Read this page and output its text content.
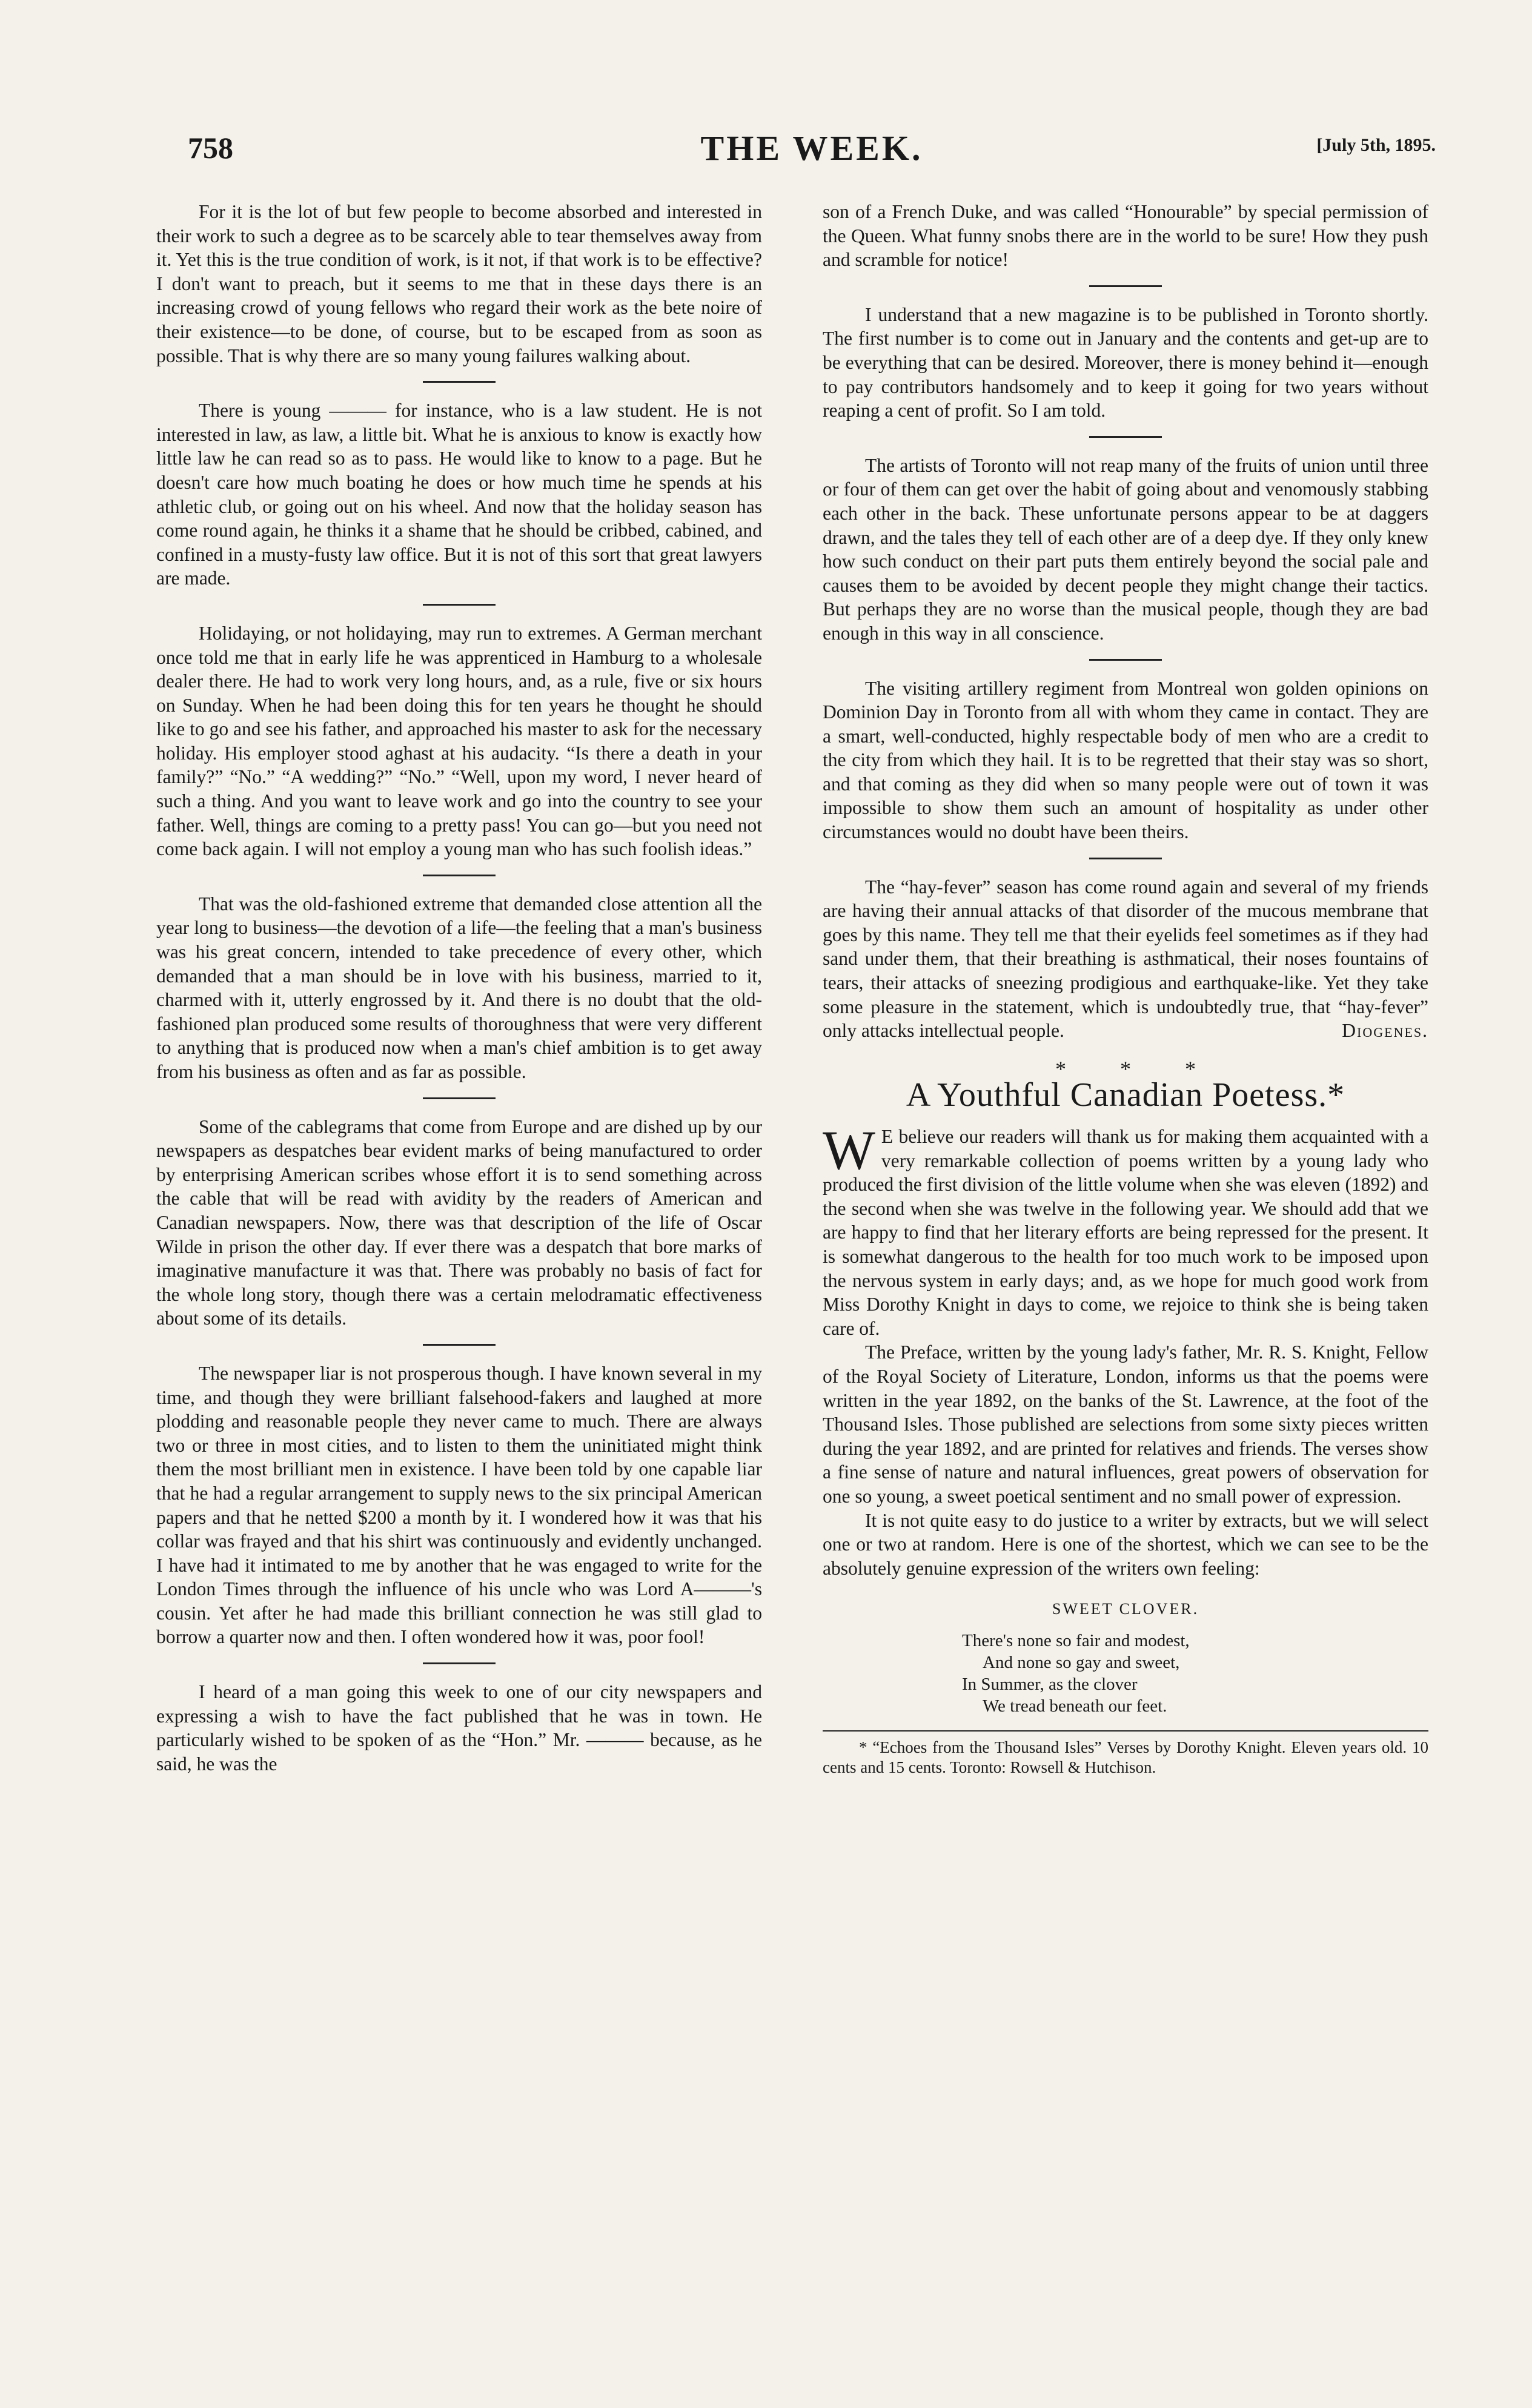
758	THE WEEK.	[July 5th, 1895.

For it is the lot of but few people to become absorbed and interested in their work to such a degree as to be scarcely able to tear themselves away from it. Yet this is the true condition of work, is it not, if that work is to be effective? I don't want to preach, but it seems to me that in these days there is an increasing crowd of young fellows who regard their work as the bete noire of their existence—to be done, of course, but to be escaped from as soon as possible. That is why there are so many young failures walking about.

There is young ——— for instance, who is a law student. He is not interested in law, as law, a little bit. What he is anxious to know is exactly how little law he can read so as to pass. He would like to know to a page. But he doesn't care how much boating he does or how much time he spends at his athletic club, or going out on his wheel. And now that the holiday season has come round again, he thinks it a shame that he should be cribbed, cabined, and confined in a musty-fusty law office. But it is not of this sort that great lawyers are made.

Holidaying, or not holidaying, may run to extremes. A German merchant once told me that in early life he was apprenticed in Hamburg to a wholesale dealer there. He had to work very long hours, and, as a rule, five or six hours on Sunday. When he had been doing this for ten years he thought he should like to go and see his father, and approached his master to ask for the necessary holiday. His employer stood aghast at his audacity. “Is there a death in your family?” “No.” “A wedding?” “No.” “Well, upon my word, I never heard of such a thing. And you want to leave work and go into the country to see your father. Well, things are coming to a pretty pass! You can go—but you need not come back again. I will not employ a young man who has such foolish ideas.”

That was the old-fashioned extreme that demanded close attention all the year long to business—the devotion of a life—the feeling that a man's business was his great concern, intended to take precedence of every other, which demanded that a man should be in love with his business, married to it, charmed with it, utterly engrossed by it. And there is no doubt that the old-fashioned plan produced some results of thoroughness that were very different to anything that is produced now when a man's chief ambition is to get away from his business as often and as far as possible.

Some of the cablegrams that come from Europe and are dished up by our newspapers as despatches bear evident marks of being manufactured to order by enterprising American scribes whose effort it is to send something across the cable that will be read with avidity by the readers of American and Canadian newspapers. Now, there was that description of the life of Oscar Wilde in prison the other day. If ever there was a despatch that bore marks of imaginative manufacture it was that. There was probably no basis of fact for the whole long story, though there was a certain melodramatic effectiveness about some of its details.

The newspaper liar is not prosperous though. I have known several in my time, and though they were brilliant falsehood-fakers and laughed at more plodding and reasonable people they never came to much. There are always two or three in most cities, and to listen to them the uninitiated might think them the most brilliant men in existence. I have been told by one capable liar that he had a regular arrangement to supply news to the six principal American papers and that he netted $200 a month by it. I wondered how it was that his collar was frayed and that his shirt was continuously and evidently unchanged. I have had it intimated to me by another that he was engaged to write for the London Times through the influence of his uncle who was Lord A———'s cousin. Yet after he had made this brilliant connection he was still glad to borrow a quarter now and then. I often wondered how it was, poor fool!

I heard of a man going this week to one of our city newspapers and expressing a wish to have the fact published that he was in town. He particularly wished to be spoken of as the “Hon.” Mr. ——— because, as he said, he was the

son of a French Duke, and was called “Honourable” by special permission of the Queen. What funny snobs there are in the world to be sure! How they push and scramble for notice!

I understand that a new magazine is to be published in Toronto shortly. The first number is to come out in January and the contents and get-up are to be everything that can be desired. Moreover, there is money behind it—enough to pay contributors handsomely and to keep it going for two years without reaping a cent of profit. So I am told.

The artists of Toronto will not reap many of the fruits of union until three or four of them can get over the habit of going about and venomously stabbing each other in the back. These unfortunate persons appear to be at daggers drawn, and the tales they tell of each other are of a deep dye. If they only knew how such conduct on their part puts them entirely beyond the social pale and causes them to be avoided by decent people they might change their tactics. But perhaps they are no worse than the musical people, though they are bad enough in this way in all conscience.

The visiting artillery regiment from Montreal won golden opinions on Dominion Day in Toronto from all with whom they came in contact. They are a smart, well-conducted, highly respectable body of men who are a credit to the city from which they hail. It is to be regretted that their stay was so short, and that coming as they did when so many people were out of town it was impossible to show them such an amount of hospitality as under other circumstances would no doubt have been theirs.

The “hay-fever” season has come round again and several of my friends are having their annual attacks of that disorder of the mucous membrane that goes by this name. They tell me that their eyelids feel sometimes as if they had sand under them, that their breathing is asthmatical, their noses fountains of tears, their attacks of sneezing prodigious and earthquake-like. Yet they take some pleasure in the statement, which is undoubtedly true, that “hay-fever” only attacks intellectual people.	Diogenes.

* * *
A Youthful Canadian Poetess.*

W E believe our readers will thank us for making them acquainted with a very remarkable collection of poems written by a young lady who produced the first division of the little volume when she was eleven (1892) and the second when she was twelve in the following year. We should add that we are happy to find that her literary efforts are being repressed for the present. It is somewhat dangerous to the health for too much work to be imposed upon the nervous system in early days; and, as we hope for much good work from Miss Dorothy Knight in days to come, we rejoice to think she is being taken care of.

The Preface, written by the young lady's father, Mr. R. S. Knight, Fellow of the Royal Society of Literature, London, informs us that the poems were written in the year 1892, on the banks of the St. Lawrence, at the foot of the Thousand Isles. Those published are selections from some sixty pieces written during the year 1892, and are printed for relatives and friends. The verses show a fine sense of nature and natural influences, great powers of observation for one so young, a sweet poetical sentiment and no small power of expression.

It is not quite easy to do justice to a writer by extracts, but we will select one or two at random. Here is one of the shortest, which we can see to be the absolutely genuine expression of the writers own feeling:

SWEET CLOVER.
There's none so fair and modest,
And none so gay and sweet,
In Summer, as the clover
We tread beneath our feet.
* “Echoes from the Thousand Isles” Verses by Dorothy Knight. Eleven years old. 10 cents and 15 cents. Toronto: Rowsell & Hutchison.
